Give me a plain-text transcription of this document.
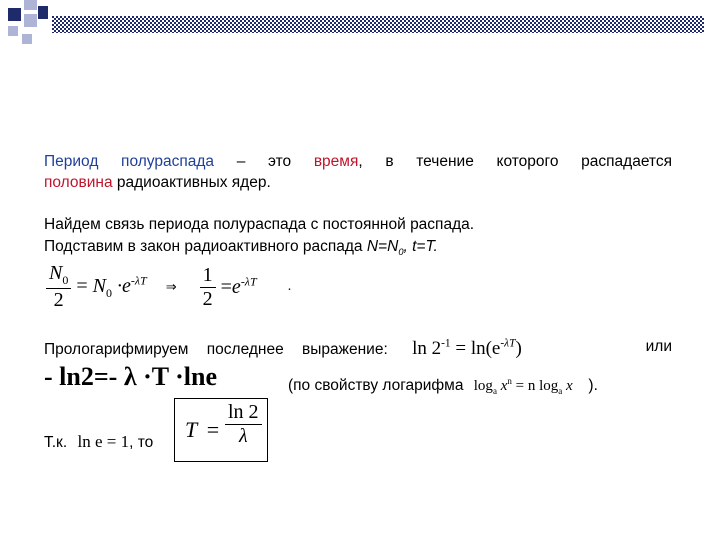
Период полураспада – это время, в течение которого распадается
половина радиоактивных ядер.
Найдем связь периода полураспада с постоянной распада.
Подставим в закон радиоактивного распада $N=N_0$, t=T.
$\frac{N_0}{2} = N_0 \cdot e^{-\lambda T}$ ⇒ $\frac{1}{2} =e^{-\lambda T}$ .
Прологарифмируем последнее выражение: $\ln 2^{-1} = \ln(e^{-\lambda T})$	или
- ln2=- λ ·T ·lne	(по свойству логарифма $\log_a x^n = n$ $\log_a x$ ).
Т.к. ln e = 1, то
$T = \frac{\ln 2}{\lambda}$
